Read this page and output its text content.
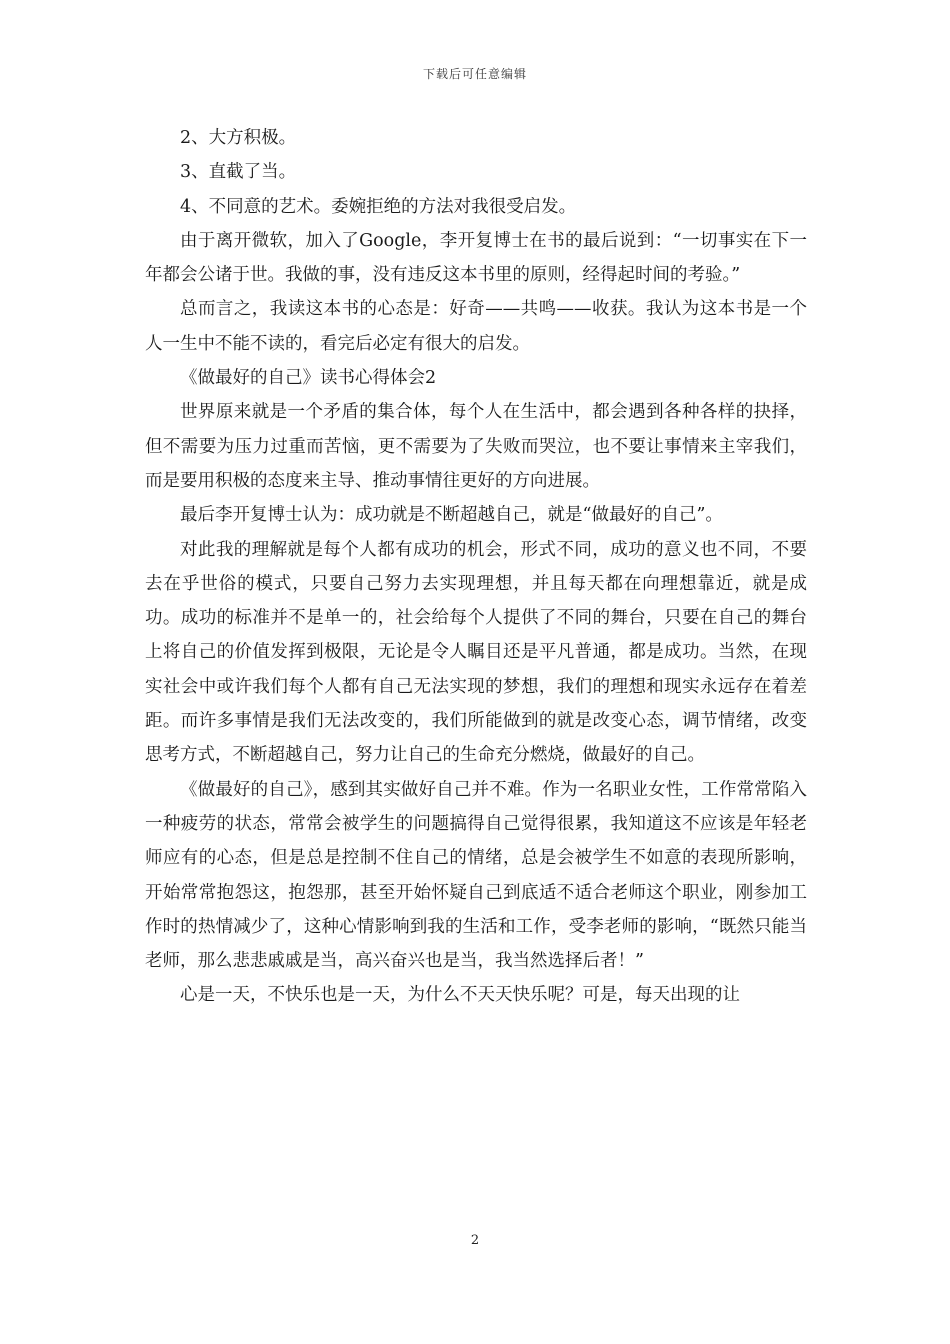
下载后可任意编辑

2、大方积极。

3、直截了当。

4、不同意的艺术。委婉拒绝的方法对我很受启发。

由于离开微软，加入了Google，李开复博士在书的最后说到：“一切事实在下一年都会公诸于世。我做的事，没有违反这本书里的原则，经得起时间的考验。”

总而言之，我读这本书的心态是：好奇——共鸣——收获。我认为这本书是一个人一生中不能不读的，看完后必定有很大的启发。

《做最好的自己》读书心得体会2

世界原来就是一个矛盾的集合体，每个人在生活中，都会遇到各种各样的抉择，但不需要为压力过重而苦恼，更不需要为了失败而哭泣，也不要让事情来主宰我们，而是要用积极的态度来主导、推动事情往更好的方向进展。

最后李开复博士认为：成功就是不断超越自己，就是“做最好的自己”。

对此我的理解就是每个人都有成功的机会，形式不同，成功的意义也不同，不要去在乎世俗的模式，只要自己努力去实现理想，并且每天都在向理想靠近，就是成功。成功的标准并不是单一的，社会给每个人提供了不同的舞台，只要在自己的舞台上将自己的价值发挥到极限，无论是令人瞩目还是平凡普通，都是成功。当然，在现实社会中或许我们每个人都有自己无法实现的梦想，我们的理想和现实永远存在着差距。而许多事情是我们无法改变的，我们所能做到的就是改变心态，调节情绪，改变思考方式，不断超越自己，努力让自己的生命充分燃烧，做最好的自己。

《做最好的自己》，感到其实做好自己并不难。作为一名职业女性，工作常常陷入一种疲劳的状态，常常会被学生的问题搞得自己觉得很累，我知道这不应该是年轻老师应有的心态，但是总是控制不住自己的情绪，总是会被学生不如意的表现所影响，开始常常抱怨这，抱怨那，甚至开始怀疑自己到底适不适合老师这个职业，刚参加工作时的热情减少了，这种心情影响到我的生活和工作，受李老师的影响，“既然只能当老师，那么悲悲戚戚是当，高兴奋兴也是当，我当然选择后者！”

心是一天，不快乐也是一天，为什么不天天快乐呢？可是，每天出现的让

2
